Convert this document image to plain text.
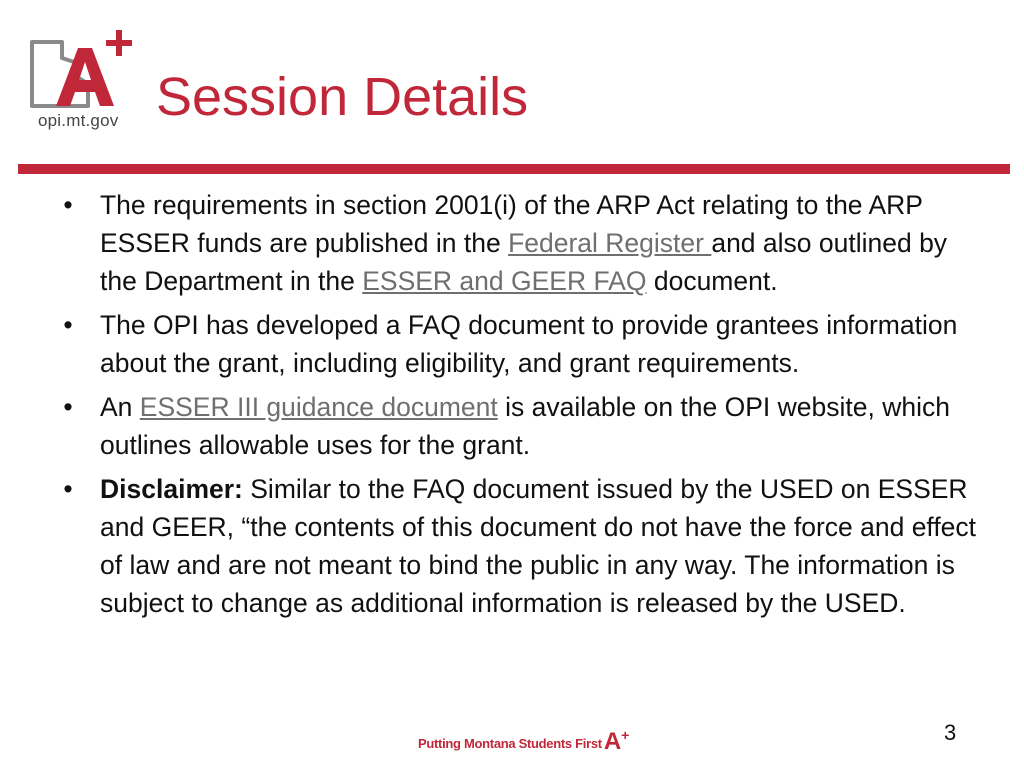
opi.mt.gov Session Details
• The requirements in section 2001(i) of the ARP Act relating to the ARP ESSER funds are published in the Federal Register and also outlined by the Department in the ESSER and GEER FAQ document.
• The OPI has developed a FAQ document to provide grantees information about the grant, including eligibility, and grant requirements.
• An ESSER III guidance document is available on the OPI website, which outlines allowable uses for the grant.
• Disclaimer: Similar to the FAQ document issued by the USED on ESSER and GEER, “the contents of this document do not have the force and effect of law and are not meant to bind the public in any way. The information is subject to change as additional information is released by the USED.
Putting Montana Students First A+	3
